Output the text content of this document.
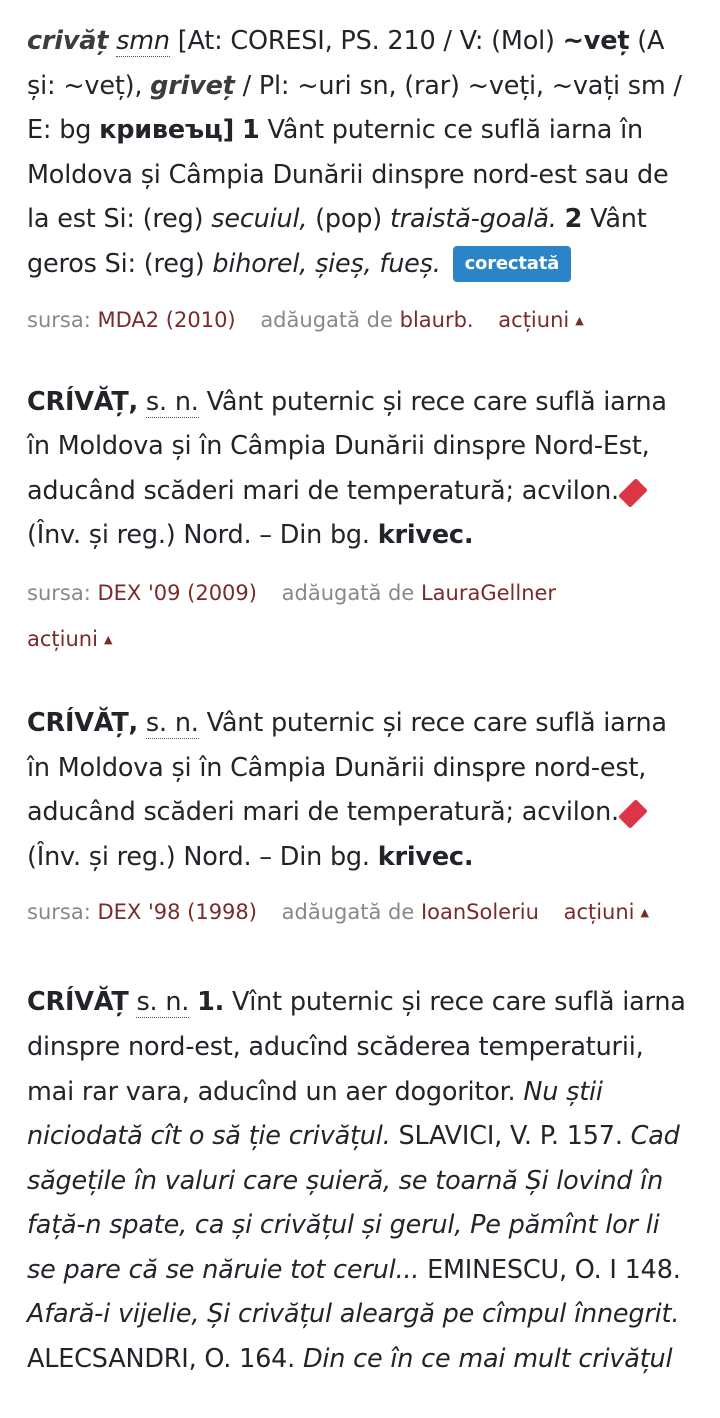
crivăț smn [At: CORESI, PS. 210 / V: (Mol) ~veț (A și: ~veț), griveț / Pl: ~uri sn, (rar) ~veți, ~vați sm / E: bg кривеъц] 1 Vânt puternic ce suflă iarna în Moldova și Câmpia Dunării dinspre nord-est sau de la est Si: (reg) secuiul, (pop) traistă-goală. 2 Vânt geros Si: (reg) bihorel, șieș, fueș. corectată
sursa: MDA2 (2010) adăugată de blaurb. acțiuni ▲
CRÍVĂȚ, s. n. Vânt puternic și rece care suflă iarna în Moldova și în Câmpia Dunării dinspre Nord-Est, aducând scăderi mari de temperatură; acvilon.(Înv. și reg.) Nord. – Din bg. krivec.
sursa: DEX '09 (2009) adăugată de LauraGellner
acțiuni ▲
CRÍVĂȚ, s. n. Vânt puternic și rece care suflă iarna în Moldova și în Câmpia Dunării dinspre nord-est, aducând scăderi mari de temperatură; acvilon.(Înv. și reg.) Nord. – Din bg. krivec.
sursa: DEX '98 (1998) adăugată de IoanSoleriu acțiuni ▲
CRÍVĂȚ s. n. 1. Vînt puternic și rece care suflă iarna dinspre nord-est, aducînd scăderea temperaturii, mai rar vara, aducînd un aer dogoritor. Nu știi niciodată cît o să ție crivățul. SLAVICI, V. P. 157. Cad săgețile în valuri care șuieră, se toarnă Și lovind în față-n spate, ca și crivățul și gerul, Pe pămînt lor li se pare că se năruie tot cerul... EMINESCU, O. I 148. Afară-i vijelie, Și crivățul aleargă pe cîmpul înnegrit. ALECSANDRI, O. 164. Din ce în ce mai mult crivățul
